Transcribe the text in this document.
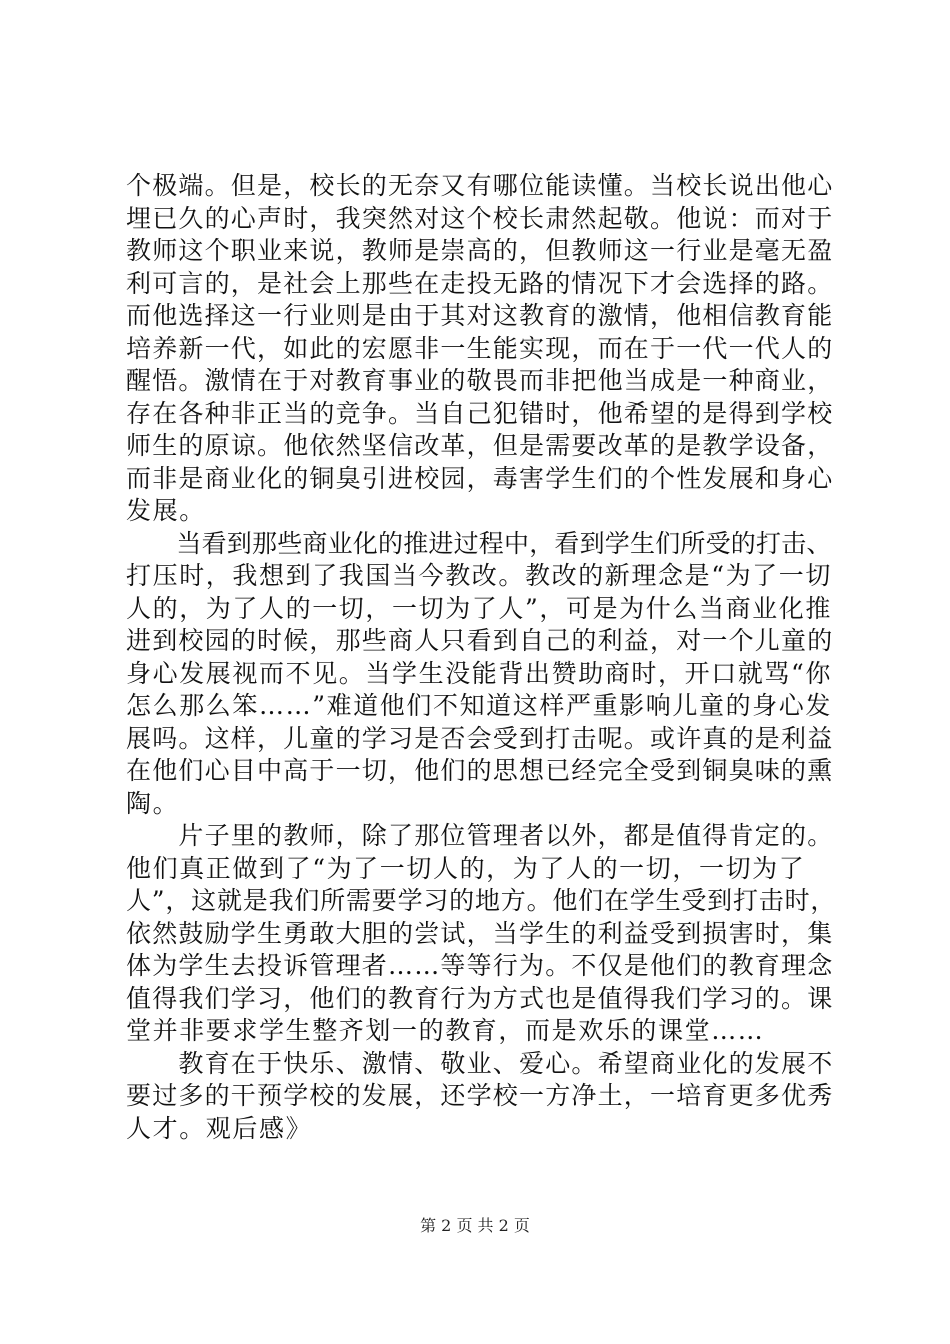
个极端。但是，校长的无奈又有哪位能读懂。当校长说出他心
埋已久的心声时，我突然对这个校长肃然起敬。他说：而对于
教师这个职业来说，教师是崇高的，但教师这一行业是毫无盈
利可言的，是社会上那些在走投无路的情况下才会选择的路。
而他选择这一行业则是由于其对这教育的激情，他相信教育能
培养新一代，如此的宏愿非一生能实现，而在于一代一代人的
醒悟。激情在于对教育事业的敬畏而非把他当成是一种商业，
存在各种非正当的竞争。当自己犯错时，他希望的是得到学校
师生的原谅。他依然坚信改革，但是需要改革的是教学设备，
而非是商业化的铜臭引进校园，毒害学生们的个性发展和身心
发展。
　　当看到那些商业化的推进过程中，看到学生们所受的打击、
打压时，我想到了我国当今教改。教改的新理念是“为了一切
人的，为了人的一切，一切为了人”，可是为什么当商业化推
进到校园的时候，那些商人只看到自己的利益，对一个儿童的
身心发展视而不见。当学生没能背出赞助商时，开口就骂“你
怎么那么笨……”难道他们不知道这样严重影响儿童的身心发
展吗。这样，儿童的学习是否会受到打击呢。或许真的是利益
在他们心目中高于一切，他们的思想已经完全受到铜臭味的熏
陶。
　　片子里的教师，除了那位管理者以外，都是值得肯定的。
他们真正做到了“为了一切人的，为了人的一切，一切为了
人”，这就是我们所需要学习的地方。他们在学生受到打击时，
依然鼓励学生勇敢大胆的尝试，当学生的利益受到损害时，集
体为学生去投诉管理者……等等行为。不仅是他们的教育理念
值得我们学习，他们的教育行为方式也是值得我们学习的。课
堂并非要求学生整齐划一的教育，而是欢乐的课堂……
　　教育在于快乐、激情、敬业、爱心。希望商业化的发展不
要过多的干预学校的发展，还学校一方净土，一培育更多优秀
人才。观后感》
第 2 页 共 2 页
